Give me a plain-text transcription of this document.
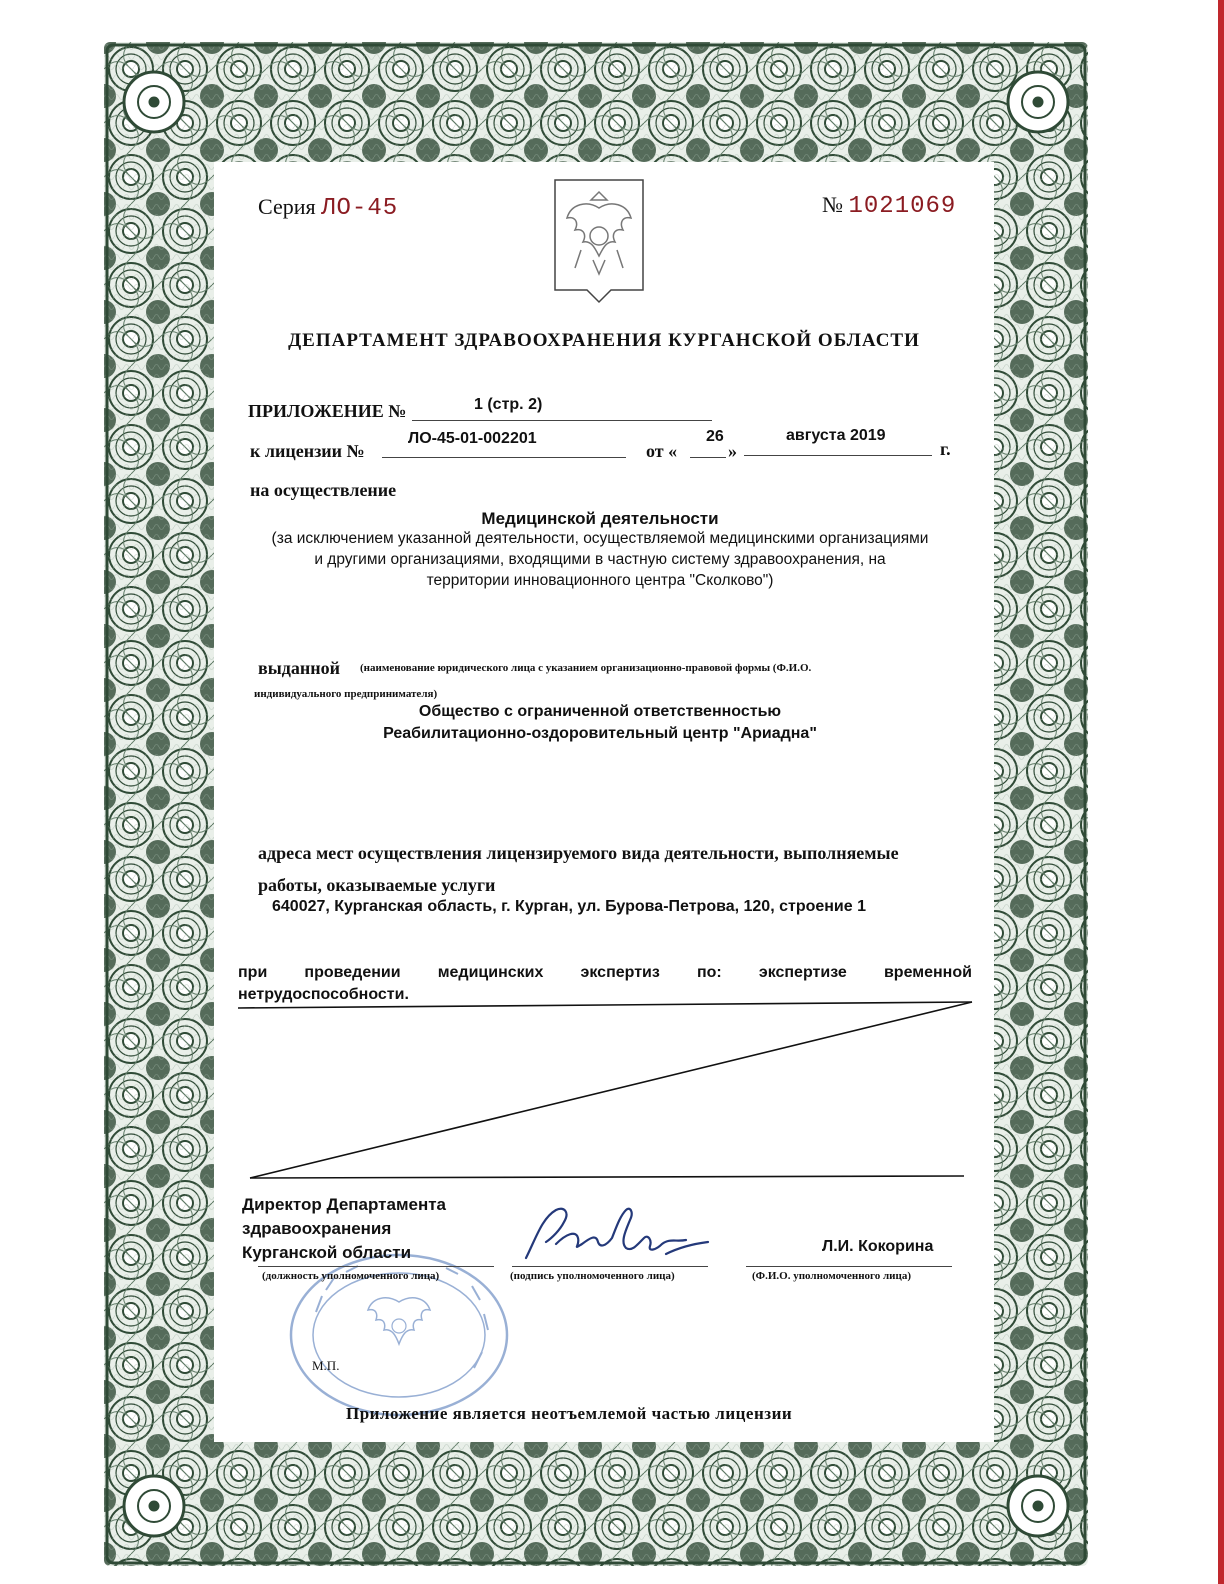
Серия ЛО-45	№ 1021069
ДЕПАРТАМЕНТ ЗДРАВООХРАНЕНИЯ КУРГАНСКОЙ ОБЛАСТИ
ПРИЛОЖЕНИЕ №	1 (стр. 2)
к лицензии №
ЛО-45-01-002201
от «
26
»
августа 2019
г.
на осуществление
Медицинской деятельности
(за исключением указанной деятельности, осуществляемой медицинскими организациями
и другими организациями, входящими в частную систему здравоохранения, на
территории инновационного центра "Сколково")
выданной (наименование юридического лица с указанием организационно-правовой формы (Ф.И.О.
индивидуального предпринимателя)
Общество с ограниченной ответственностью
Реабилитационно-оздоровительный центр "Ариадна"
адреса мест осуществления лицензируемого вида деятельности, выполняемые
работы, оказываемые услуги
640027, Курганская область, г. Курган, ул. Бурова-Петрова, 120, строение 1
при проведении медицинских экспертиз по: экспертизе временной
нетрудоспособности.
Директор Департамента
здравоохранения
Курганской области
(должность уполномоченного лица)	(подпись уполномоченного лица)
Л.И. Кокорина
(Ф.И.О. уполномоченного лица)
М.П.
Приложение является неотъемлемой частью лицензии
